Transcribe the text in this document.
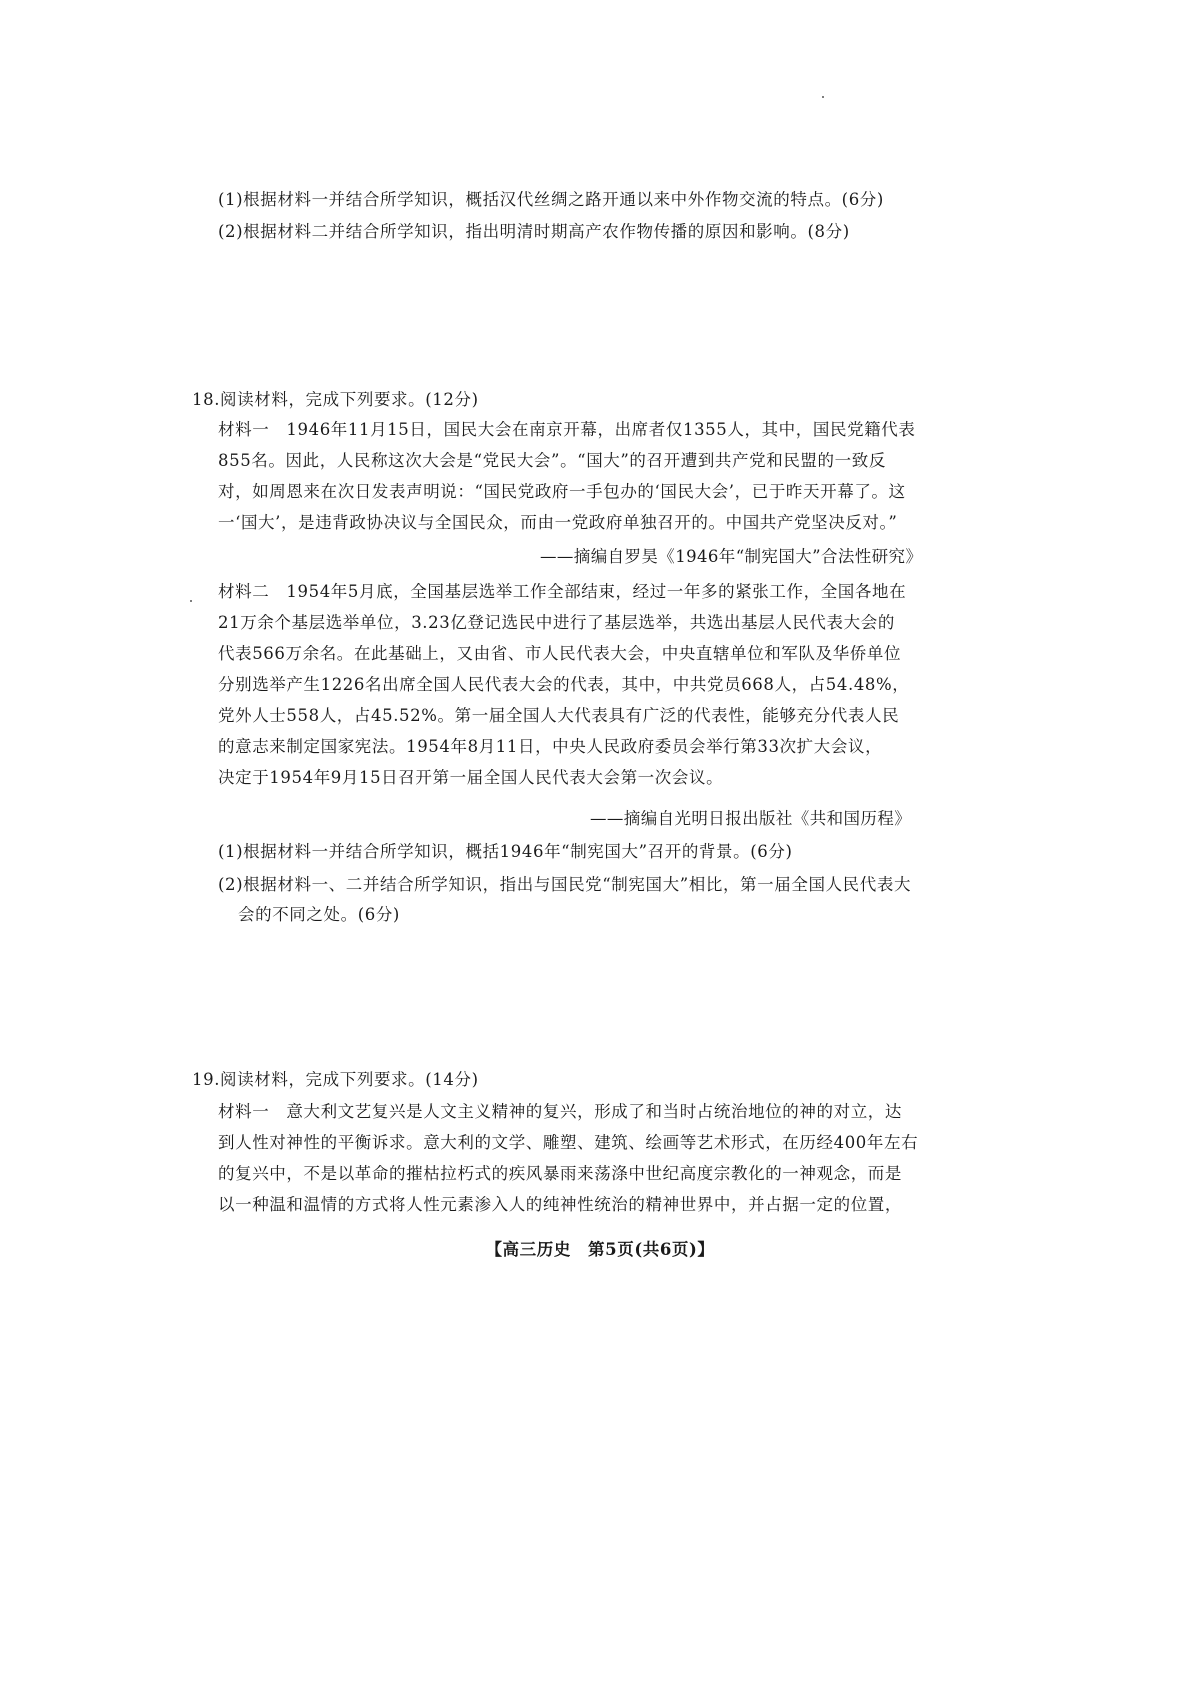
(1)根据材料一并结合所学知识，概括汉代丝绸之路开通以来中外作物交流的特点。(6分)
(2)根据材料二并结合所学知识，指出明清时期高产农作物传播的原因和影响。(8分)
18.阅读材料，完成下列要求。(12分)

材料一　1946年11月15日，国民大会在南京开幕，出席者仅1355人，其中，国民党籍代表

855名。因此，人民称这次大会是“党民大会”。“国大”的召开遭到共产党和民盟的一致反

对，如周恩来在次日发表声明说：“国民党政府一手包办的‘国民大会’，已于昨天开幕了。这

一‘国大’，是违背政协决议与全国民众，而由一党政府单独召开的。中国共产党坚决反对。”

——摘编自罗昊《1946年“制宪国大”合法性研究》

材料二　1954年5月底，全国基层选举工作全部结束，经过一年多的紧张工作，全国各地在

21万余个基层选举单位，3.23亿登记选民中进行了基层选举，共选出基层人民代表大会的

代表566万余名。在此基础上，又由省、市人民代表大会，中央直辖单位和军队及华侨单位

分别选举产生1226名出席全国人民代表大会的代表，其中，中共党员668人，占54.48%，

党外人士558人，占45.52%。第一届全国人大代表具有广泛的代表性，能够充分代表人民

的意志来制定国家宪法。1954年8月11日，中央人民政府委员会举行第33次扩大会议，

决定于1954年9月15日召开第一届全国人民代表大会第一次会议。

——摘编自光明日报出版社《共和国历程》
(1)根据材料一并结合所学知识，概括1946年“制宪国大”召开的背景。(6分)
(2)根据材料一、二并结合所学知识，指出与国民党“制宪国大”相比，第一届全国人民代表大
会的不同之处。(6分)
19.阅读材料，完成下列要求。(14分)

材料一　意大利文艺复兴是人文主义精神的复兴，形成了和当时占统治地位的神的对立，达

到人性对神性的平衡诉求。意大利的文学、雕塑、建筑、绘画等艺术形式，在历经400年左右

的复兴中，不是以革命的摧枯拉朽式的疾风暴雨来荡涤中世纪高度宗教化的一神观念，而是

以一种温和温情的方式将人性元素渗入人的纯神性统治的精神世界中，并占据一定的位置，

【高三历史　第5页(共6页)】
